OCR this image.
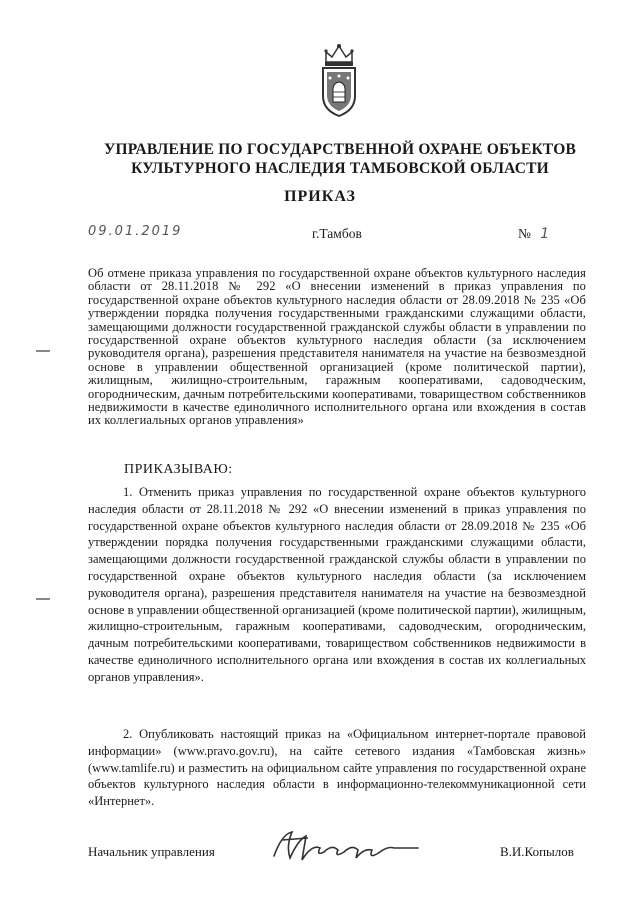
УПРАВЛЕНИЕ ПО ГОСУДАРСТВЕННОЙ ОХРАНЕ ОБЪЕКТОВ
КУЛЬТУРНОГО НАСЛЕДИЯ ТАМБОВСКОЙ ОБЛАСТИ
ПРИКАЗ
09.01.2019	г.Тамбов	№ 1
Об отмене приказа управления по государственной охране объектов культурного наследия области от 28.11.2018 № 292 «О внесении изменений в приказ управления по государственной охране объектов культурного наследия области от 28.09.2018 № 235 «Об утверждении порядка получения государственными гражданскими служащими области, замещающими должности государственной гражданской службы области в управлении по государственной охране объектов культурного наследия области (за исключением руководителя органа), разрешения представителя нанимателя на участие на безвозмездной основе в управлении общественной организацией (кроме политической партии), жилищным, жилищно-строительным, гаражным кооперативами, садоводческим, огородническим, дачным потребительскими кооперативами, товариществом собственников недвижимости в качестве единоличного исполнительного органа или вхождения в состав их коллегиальных органов управления»
ПРИКАЗЫВАЮ:
1. Отменить приказ управления по государственной охране объектов культурного наследия области от 28.11.2018 № 292 «О внесении изменений в приказ управления по государственной охране объектов культурного наследия области от 28.09.2018 № 235 «Об утверждении порядка получения государственными гражданскими служащими области, замещающими должности государственной гражданской службы области в управлении по государственной охране объектов культурного наследия области (за исключением руководителя органа), разрешения представителя нанимателя на участие на безвозмездной основе в управлении общественной организацией (кроме политической партии), жилищным, жилищно-строительным, гаражным кооперативами, садоводческим, огородническим, дачным потребительскими кооперативами, товариществом собственников недвижимости в качестве единоличного исполнительного органа или вхождения в состав их коллегиальных органов управления».
2. Опубликовать настоящий приказ на «Официальном интернет-портале правовой информации» (www.pravo.gov.ru), на сайте сетевого издания «Тамбовская жизнь» (www.tamlife.ru) и разместить на официальном сайте управления по государственной охране объектов культурного наследия области в информационно-телекоммуникационной сети «Интернет».
Начальник управления	В.И.Копылов
